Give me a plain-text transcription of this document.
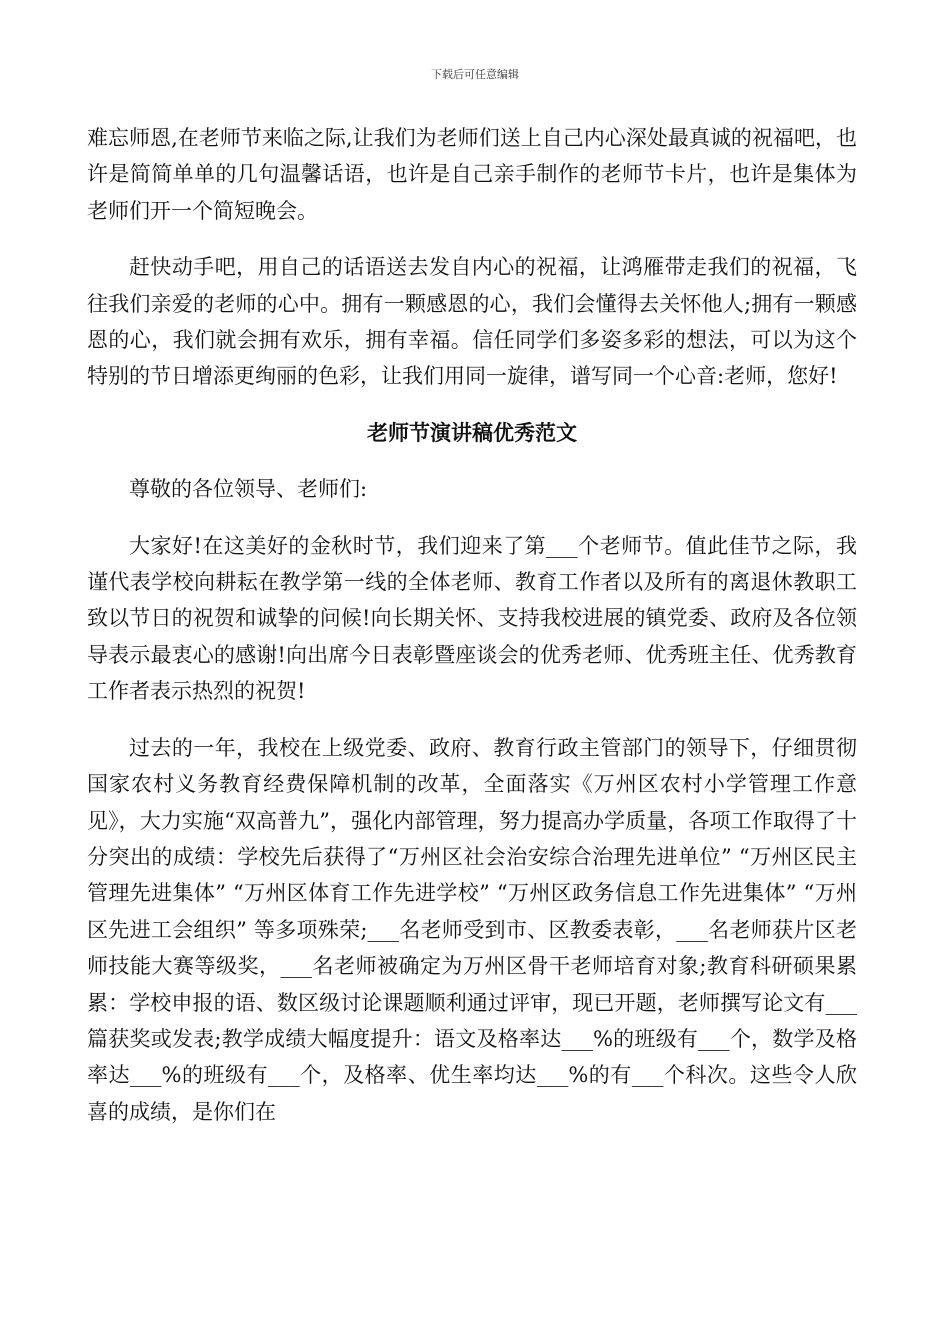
下载后可任意编辑

难忘师恩,在老师节来临之际,让我们为老师们送上自己内心深处最真诚的祝福吧，也许是简简单单的几句温馨话语，也许是自己亲手制作的老师节卡片，也许是集体为老师们开一个简短晚会。

赶快动手吧，用自己的话语送去发自内心的祝福，让鸿雁带走我们的祝福，飞往我们亲爱的老师的心中。拥有一颗感恩的心，我们会懂得去关怀他人;拥有一颗感恩的心，我们就会拥有欢乐，拥有幸福。信任同学们多姿多彩的想法，可以为这个特别的节日增添更绚丽的色彩，让我们用同一旋律，谱写同一个心音:老师，您好!

老师节演讲稿优秀范文

尊敬的各位领导、老师们:

大家好!在这美好的金秋时节，我们迎来了第___个老师节。值此佳节之际，我谨代表学校向耕耘在教学第一线的全体老师、教育工作者以及所有的离退休教职工致以节日的祝贺和诚挚的问候!向长期关怀、支持我校进展的镇党委、政府及各位领导表示最衷心的感谢!向出席今日表彰暨座谈会的优秀老师、优秀班主任、优秀教育工作者表示热烈的祝贺!

过去的一年，我校在上级党委、政府、教育行政主管部门的领导下，仔细贯彻国家农村义务教育经费保障机制的改革，全面落实《万州区农村小学管理工作意见》，大力实施“双高普九”，强化内部管理，努力提高办学质量，各项工作取得了十分突出的成绩：学校先后获得了“万州区社会治安综合治理先进单位” “万州区民主管理先进集体” “万州区体育工作先进学校” “万州区政务信息工作先进集体” “万州区先进工会组织” 等多项殊荣;___名老师受到市、区教委表彰，___名老师获片区老师技能大赛等级奖，___名老师被确定为万州区骨干老师培育对象;教育科研硕果累累：学校申报的语、数区级讨论课题顺利通过评审，现已开题，老师撰写论文有___篇获奖或发表;教学成绩大幅度提升：语文及格率达___%的班级有___个，数学及格率达___%的班级有___个，及格率、优生率均达___%的有___个科次。这些令人欣喜的成绩，是你们在
